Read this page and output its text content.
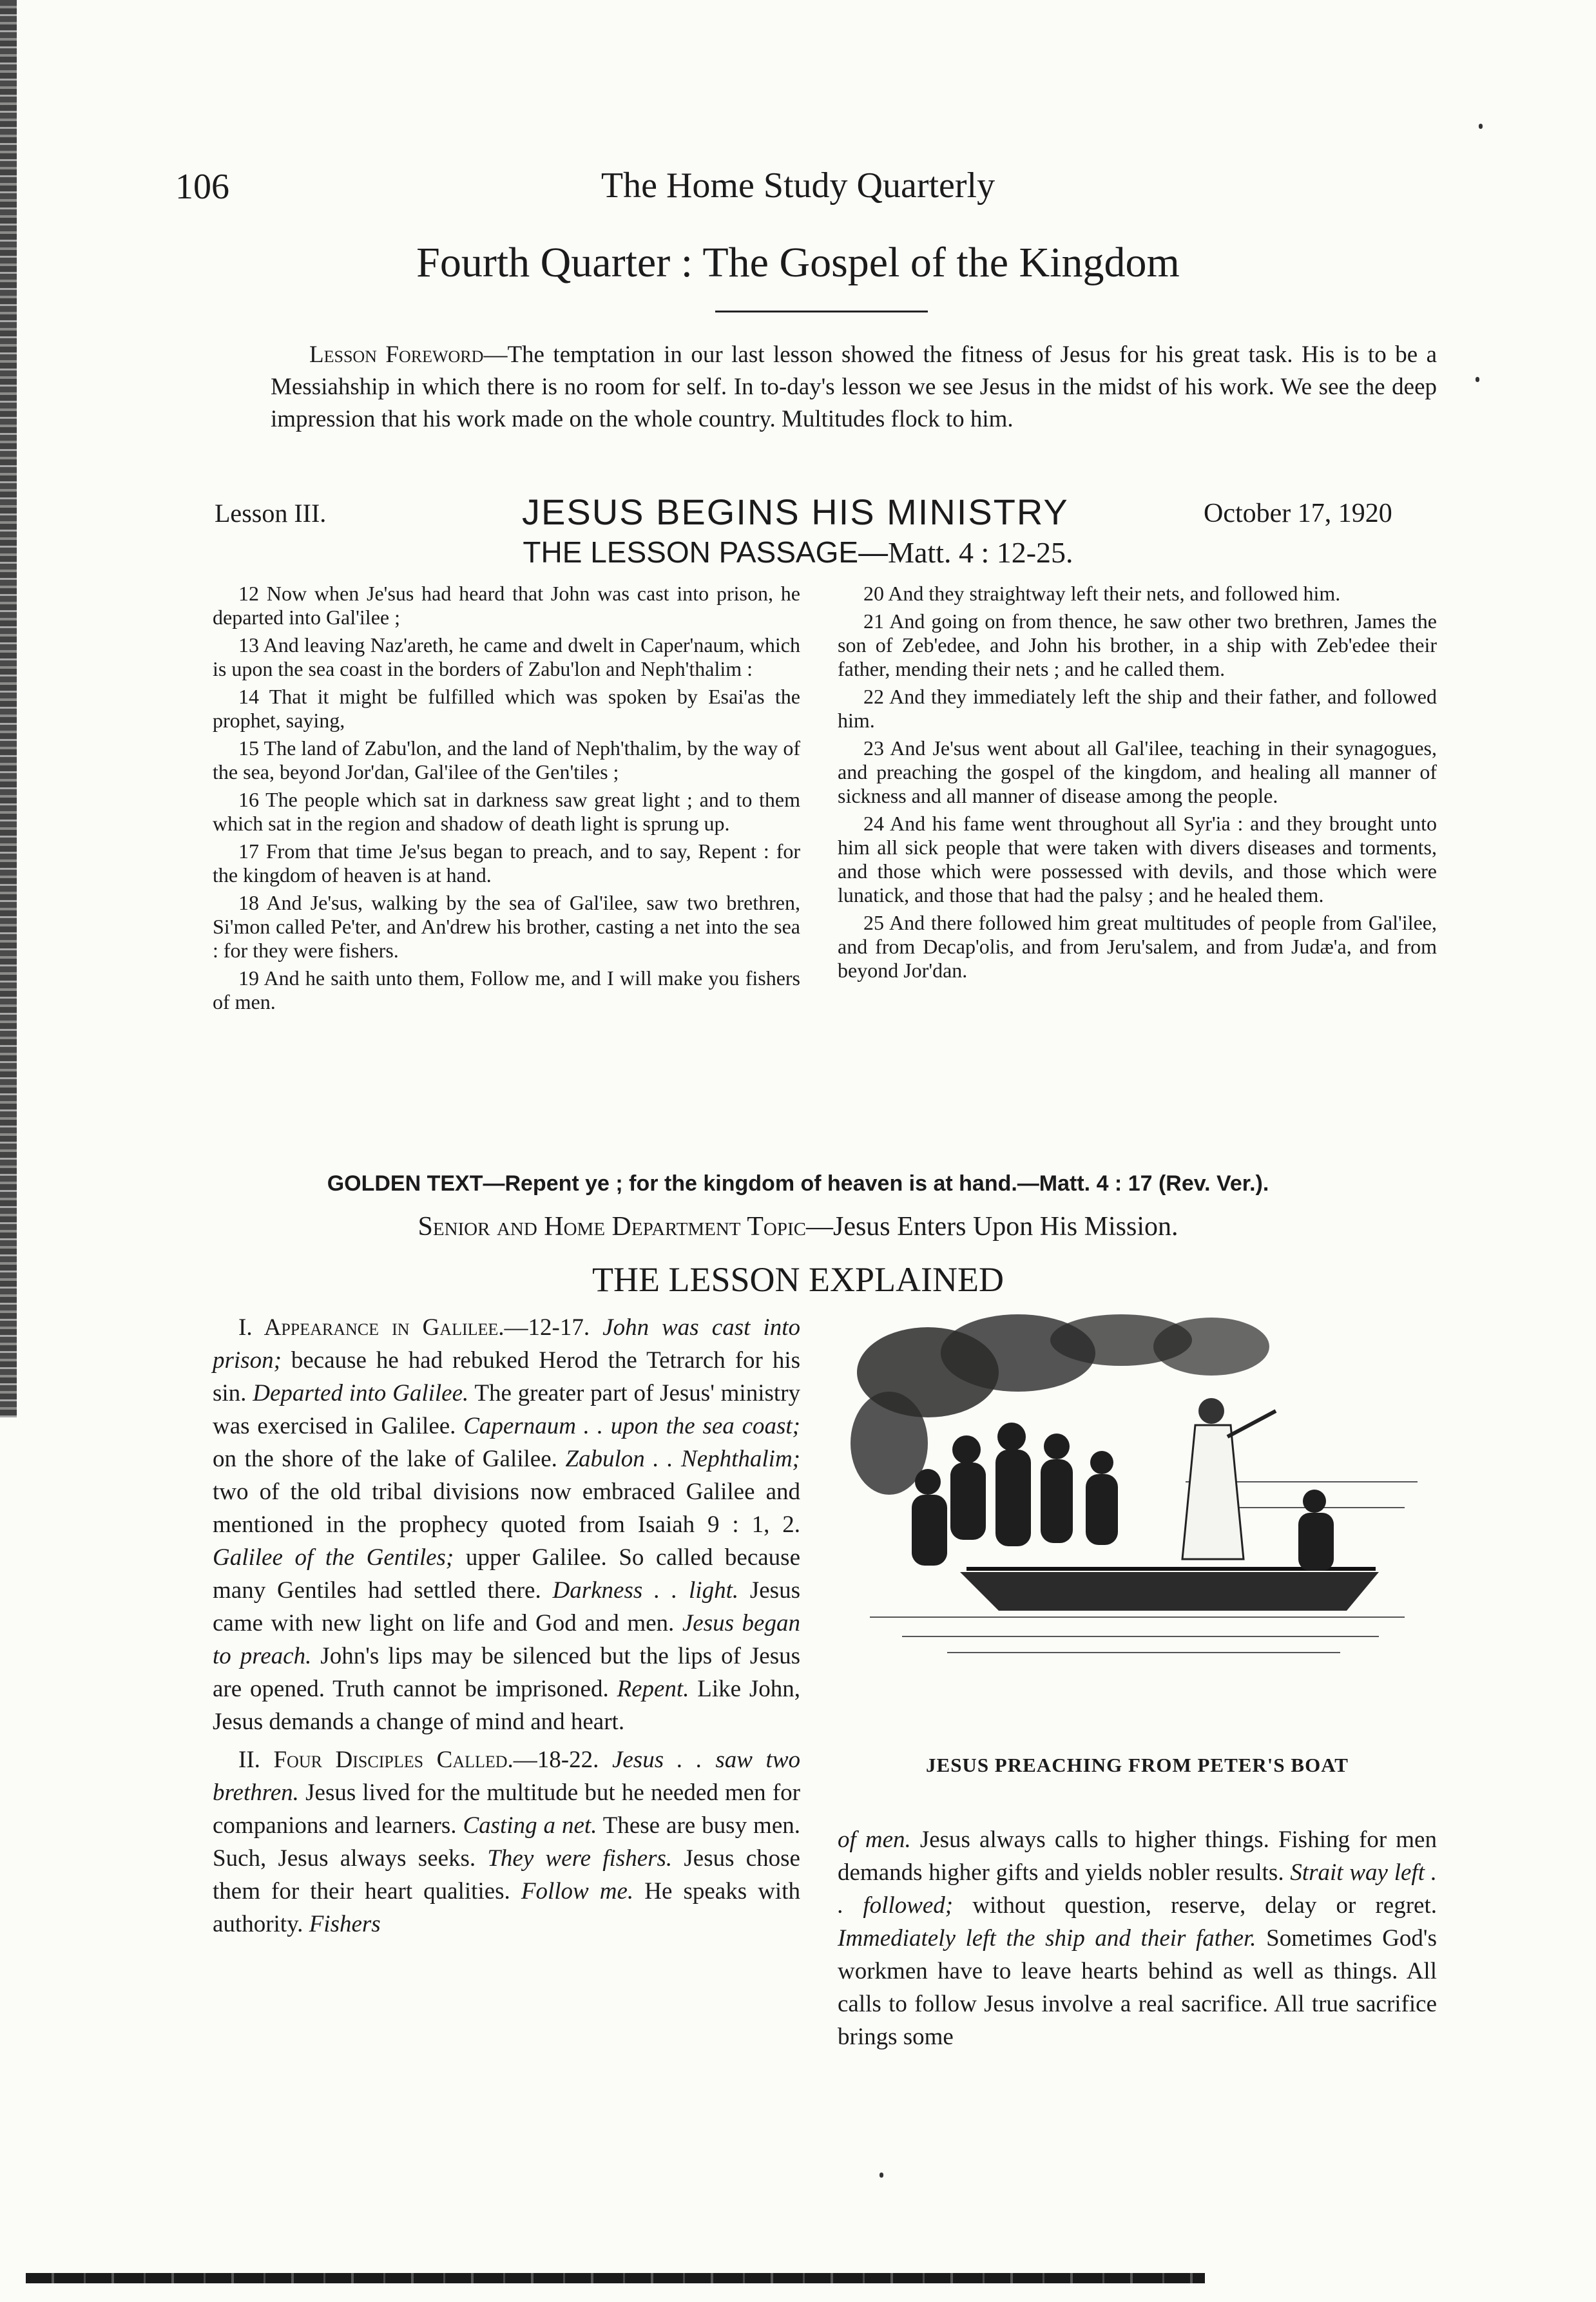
106	The Home Study Quarterly
Fourth Quarter : The Gospel of the Kingdom
Lesson Foreword—The temptation in our last lesson showed the fitness of Jesus for his great task. His is to be a Messiahship in which there is no room for self. In to-day's lesson we see Jesus in the midst of his work. We see the deep impression that his work made on the whole country. Multitudes flock to him.
Lesson III.	JESUS BEGINS HIS MINISTRY	October 17, 1920
THE LESSON PASSAGE—Matt. 4 : 12-25.

12 Now when Je'sus had heard that John was cast into prison, he departed into Gal'ilee ;

13 And leaving Naz'areth, he came and dwelt in Caper'naum, which is upon the sea coast in the borders of Zabu'lon and Neph'thalim :

14 That it might be fulfilled which was spoken by Esai'as the prophet, saying,

15 The land of Zabu'lon, and the land of Neph'thalim, by the way of the sea, beyond Jor'dan, Gal'ilee of the Gen'tiles ;

16 The people which sat in darkness saw great light ; and to them which sat in the region and shadow of death light is sprung up.

17 From that time Je'sus began to preach, and to say, Repent : for the kingdom of heaven is at hand.

18 And Je'sus, walking by the sea of Gal'ilee, saw two brethren, Si'mon called Pe'ter, and An'drew his brother, casting a net into the sea : for they were fishers.

19 And he saith unto them, Follow me, and I will make you fishers of men.

20 And they straightway left their nets, and followed him.

21 And going on from thence, he saw other two brethren, James the son of Zeb'edee, and John his brother, in a ship with Zeb'edee their father, mending their nets ; and he called them.

22 And they immediately left the ship and their father, and followed him.

23 And Je'sus went about all Gal'ilee, teaching in their synagogues, and preaching the gospel of the kingdom, and healing all manner of sickness and all manner of disease among the people.

24 And his fame went throughout all Syr'ia : and they brought unto him all sick people that were taken with divers diseases and torments, and those which were possessed with devils, and those which were lunatick, and those that had the palsy ; and he healed them.

25 And there followed him great multitudes of people from Gal'ilee, and from Decap'olis, and from Jeru'salem, and from Judæ'a, and from beyond Jor'dan.

GOLDEN TEXT—Repent ye ; for the kingdom of heaven is at hand.—Matt. 4 : 17 (Rev. Ver.).
Senior and Home Department Topic—Jesus Enters Upon His Mission.
THE LESSON EXPLAINED

I. Appearance in Galilee.—12-17. John was cast into prison; because he had rebuked Herod the Tetrarch for his sin. Departed into Galilee. The greater part of Jesus' ministry was exercised in Galilee. Capernaum . . upon the sea coast; on the shore of the lake of Galilee. Zabulon . . Nephthalim; two of the old tribal divisions now embraced Galilee and mentioned in the prophecy quoted from Isaiah 9 : 1, 2. Galilee of the Gentiles; upper Galilee. So called because many Gentiles had settled there. Darkness . . light. Jesus came with new light on life and God and men. Jesus began to preach. John's lips may be silenced but the lips of Jesus are opened. Truth cannot be imprisoned. Repent. Like John, Jesus demands a change of mind and heart.

II. Four Disciples Called.—18-22. Jesus . . saw two brethren. Jesus lived for the multitude but he needed men for companions and learners. Casting a net. These are busy men. Such, Jesus always seeks. They were fishers. Jesus chose them for their heart qualities. Follow me. He speaks with authority. Fishers

JESUS PREACHING FROM PETER'S BOAT

of men. Jesus always calls to higher things. Fishing for men demands higher gifts and yields nobler results. Strait way left . . followed; without question, reserve, delay or regret. Immediately left the ship and their father. Sometimes God's workmen have to leave hearts behind as well as things. All calls to follow Jesus involve a real sacrifice. All true sacrifice brings some
